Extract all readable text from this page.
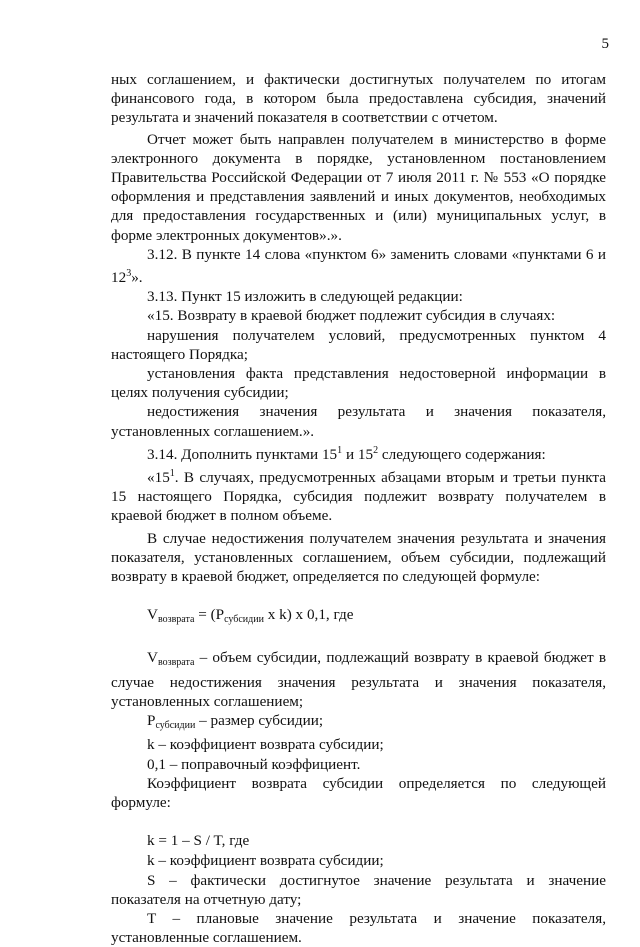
5

ных соглашением, и фактически достигнутых получателем по итогам финансового года, в котором была предоставлена субсидия, значений результата и значений показателя в соответствии с отчетом.

Отчет может быть направлен получателем в министерство в форме электронного документа в порядке, установленном постановлением Правительства Российской Федерации от 7 июля 2011 г. № 553 «О порядке оформления и представления заявлений и иных документов, необходимых для предоставления государственных и (или) муниципальных услуг, в форме электронных документов».».

3.12. В пункте 14 слова «пунктом 6» заменить словами «пунктами 6 и $12^3$».

3.13. Пункт 15 изложить в следующей редакции:

«15. Возврату в краевой бюджет подлежит субсидия в случаях:

нарушения получателем условий, предусмотренных пунктом 4 настоящего Порядка;

установления факта представления недостоверной информации в целях получения субсидии;

недостижения значения результата и значения показателя, установленных соглашением.».

3.14. Дополнить пунктами $15^1$ и $15^2$ следующего содержания:

«$15^1$. В случаях, предусмотренных абзацами вторым и третьи пункта 15 настоящего Порядка, субсидия подлежит возврату получателем в краевой бюджет в полном объеме.

В случае недостижения получателем значения результата и значения показателя, установленных соглашением, объем субсидии, подлежащий возврату в краевой бюджет, определяется по следующей формуле:

$V_{возврата} = (P_{субсидии}$ x k) x 0,1, где

$V_{возврата}$ – объем субсидии, подлежащий возврату в краевой бюджет в случае недостижения значения результата и значения показателя, установленных соглашением;

$P_{субсидии}$ – размер субсидии;

k – коэффициент возврата субсидии;

0,1 – поправочный коэффициент.

Коэффициент возврата субсидии определяется по следующей формуле:

k = 1 – S / T, где

k – коэффициент возврата субсидии;

S – фактически достигнутое значение результата и значение показателя на отчетную дату;

T – плановые значение результата и значение показателя, установленные соглашением.
